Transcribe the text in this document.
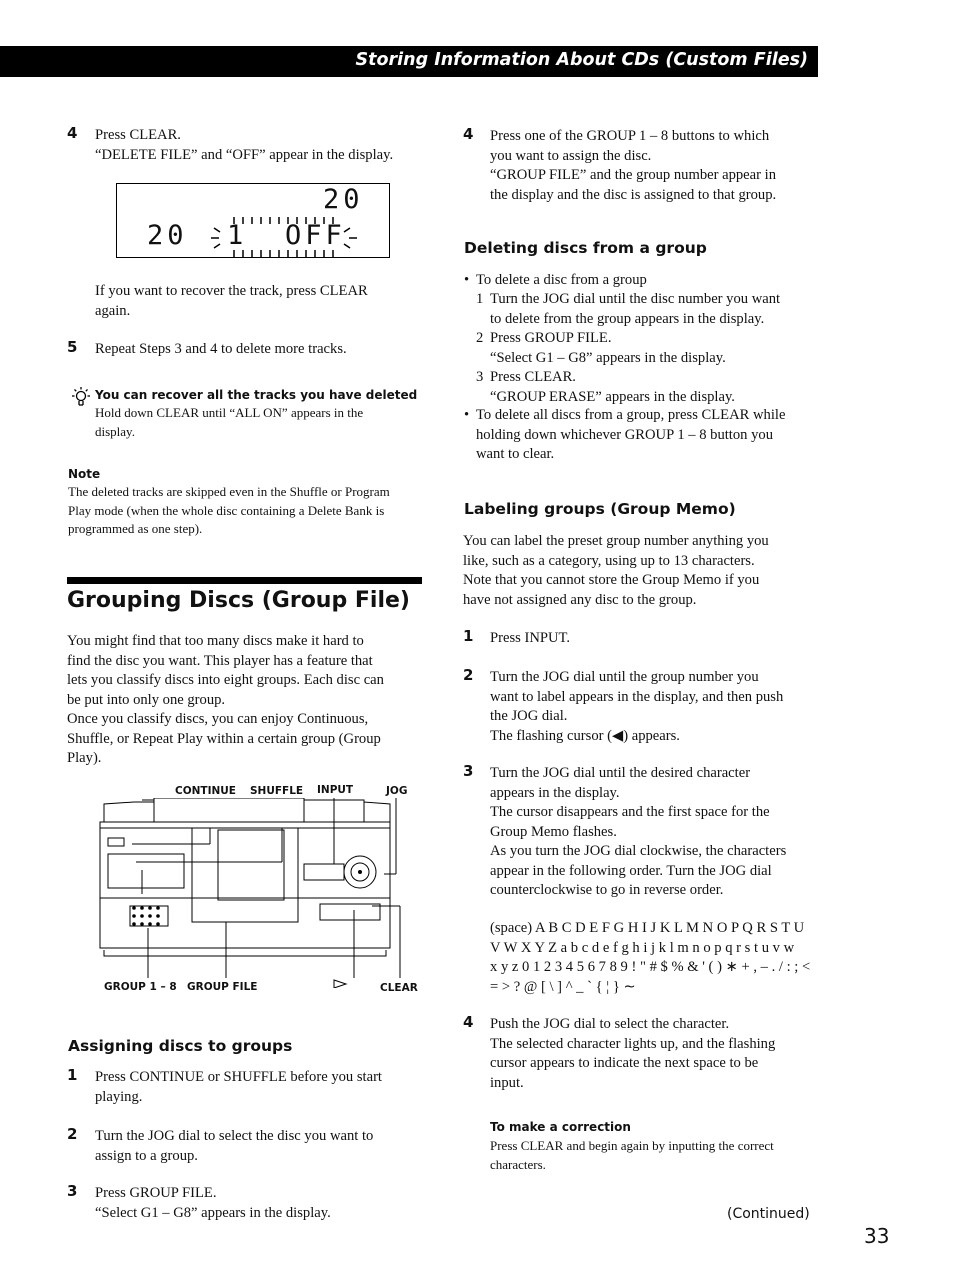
Storing Information About CDs (Custom Files)
4 Press CLEAR.
“DELETE FILE” and “OFF” appear in the display.
20
20 1 OFF
If you want to recover the track, press CLEAR
again.
5 Repeat Steps 3 and 4 to delete more tracks.
You can recover all the tracks you have deleted
Hold down CLEAR until “ALL ON” appears in the
display.
Note
The deleted tracks are skipped even in the Shuffle or Program
Play mode (when the whole disc containing a Delete Bank is
programmed as one step).
Grouping Discs (Group File)
You might find that too many discs make it hard to
find the disc you want. This player has a feature that
lets you classify discs into eight groups. Each disc can
be put into only one group.
Once you classify discs, you can enjoy Continuous,
Shuffle, or Repeat Play within a certain group (Group
Play).
CONTINUE SHUFFLE INPUT	JOG
GROUP 1 – 8 GROUP FILE	CLEAR
Assigning discs to groups
1 Press CONTINUE or SHUFFLE before you start
playing.
2 Turn the JOG dial to select the disc you want to
assign to a group.
3 Press GROUP FILE.
“Select G1 – G8” appears in the display.
4 Press one of the GROUP 1 – 8 buttons to which
you want to assign the disc.
“GROUP FILE” and the group number appear in
the display and the disc is assigned to that group.
Deleting discs from a group
• To delete a disc from a group
1 Turn the JOG dial until the disc number you want
to delete from the group appears in the display.
2 Press GROUP FILE.
“Select G1 – G8” appears in the display.
3 Press CLEAR.
“GROUP ERASE” appears in the display.
• To delete all discs from a group, press CLEAR while
holding down whichever GROUP 1 – 8 button you
want to clear.
Labeling groups (Group Memo)
You can label the preset group number anything you
like, such as a category, using up to 13 characters.
Note that you cannot store the Group Memo if you
have not assigned any disc to the group.
1 Press INPUT.
2 Turn the JOG dial until the group number you
want to label appears in the display, and then push
the JOG dial.
The flashing cursor (◀) appears.
3 Turn the JOG dial until the desired character
appears in the display.
The cursor disappears and the first space for the
Group Memo flashes.
As you turn the JOG dial clockwise, the characters
appear in the following order. Turn the JOG dial
counterclockwise to go in reverse order.
(space) A B C D E F G H I J K L M N O P Q R S T U
V W X Y Z a b c d e f g h i j k l m n o p q r s t u v w
x y z 0 1 2 3 4 5 6 7 8 9 ! " # $ % & ' ( ) ∗ + , – . / : ; <
= > ? @ [ \ ] ^ _ ` { ¦ } ∼
4 Push the JOG dial to select the character.
The selected character lights up, and the flashing
cursor appears to indicate the next space to be
input.
To make a correction
Press CLEAR and begin again by inputting the correct
characters.
(Continued)
33
